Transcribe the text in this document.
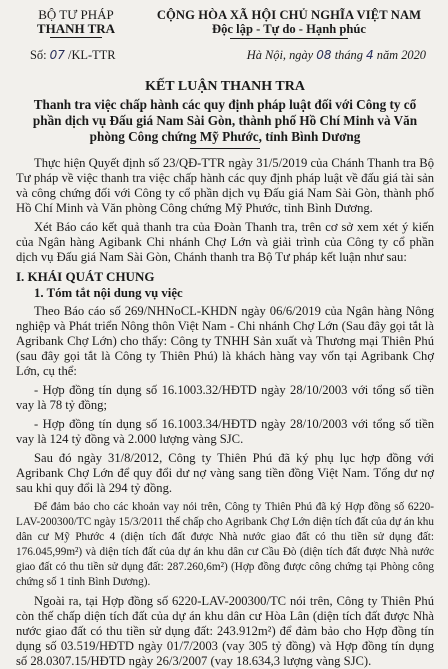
BỘ TƯ PHÁP
THANH TRA
CỘNG HÒA XÃ HỘI CHỦ NGHĨA VIỆT NAM
Độc lập - Tự do - Hạnh phúc
Số: 07 /KL-TTR	Hà Nội, ngày 08 tháng 4 năm 2020
KẾT LUẬN THANH TRA
Thanh tra việc chấp hành các quy định pháp luật đối với Công ty cổ phần dịch vụ Đấu giá Nam Sài Gòn, thành phố Hồ Chí Minh và Văn phòng Công chứng Mỹ Phước, tỉnh Bình Dương

Thực hiện Quyết định số 23/QĐ-TTR ngày 31/5/2019 của Chánh Thanh tra Bộ Tư pháp về việc thanh tra việc chấp hành các quy định pháp luật về đấu giá tài sản và công chứng đối với Công ty cổ phần dịch vụ Đấu giá Nam Sài Gòn, thành phố Hồ Chí Minh và Văn phòng Công chứng Mỹ Phước, tỉnh Bình Dương.

Xét Báo cáo kết quả thanh tra của Đoàn Thanh tra, trên cơ sở xem xét ý kiến của Ngân hàng Agibank Chi nhánh Chợ Lớn và giải trình của Công ty cổ phần dịch vụ Đấu giá Nam Sài Gòn, Chánh thanh tra Bộ Tư pháp kết luận như sau:

I. KHÁI QUÁT CHUNG
1. Tóm tắt nội dung vụ việc

Theo Báo cáo số 269/NHNoCL-KHDN ngày 06/6/2019 của Ngân hàng Nông nghiệp và Phát triển Nông thôn Việt Nam - Chi nhánh Chợ Lớn (Sau đây gọi tắt là Agribank Chợ Lớn) cho thấy: Công ty TNHH Sản xuất và Thương mại Thiên Phú (sau đây gọi tắt là Công ty Thiên Phú) là khách hàng vay vốn tại Agribank Chợ Lớn, cụ thể:

- Hợp đồng tín dụng số 16.1003.32/HĐTD ngày 28/10/2003 với tổng số tiền vay là 78 tỷ đồng;

- Hợp đồng tín dụng số 16.1003.34/HĐTD ngày 28/10/2003 với tổng số tiền vay là 124 tỷ đồng và 2.000 lượng vàng SJC.

Sau đó ngày 31/8/2012, Công ty Thiên Phú đã ký phụ lục hợp đồng với Agribank Chợ Lớn để quy đổi dư nợ vàng sang tiền đồng Việt Nam. Tổng dư nợ sau khi quy đổi là 294 tỷ đồng.

Để đảm bảo cho các khoản vay nói trên, Công ty Thiên Phú đã ký Hợp đồng số 6220-LAV-200300/TC ngày 15/3/2011 thế chấp cho Agribank Chợ Lớn diện tích đất của dự án khu dân cư Mỹ Phước 4 (diện tích đất được Nhà nước giao đất có thu tiền sử dụng đất: 176.045,99m²) và diện tích đất của dự án khu dân cư Cầu Đò (diện tích đất được Nhà nước giao đất có thu tiền sử dụng đất: 287.260,6m²) (Hợp đồng được công chứng tại Phòng công chứng số 1 tỉnh Bình Dương).

Ngoài ra, tại Hợp đồng số 6220-LAV-200300/TC nói trên, Công ty Thiên Phú còn thế chấp diện tích đất của dự án khu dân cư Hòa Lân (diện tích đất được Nhà nước giao đất có thu tiền sử dụng đất: 243.912m²) để đảm bảo cho Hợp đồng tín dụng số 03.519/HĐTD ngày 01/7/2003 (vay 305 tỷ đồng) và Hợp đồng tín dụng số 28.0307.15/HĐTD ngày 26/3/2007 (vay 18.634,3 lượng vàng SJC).
